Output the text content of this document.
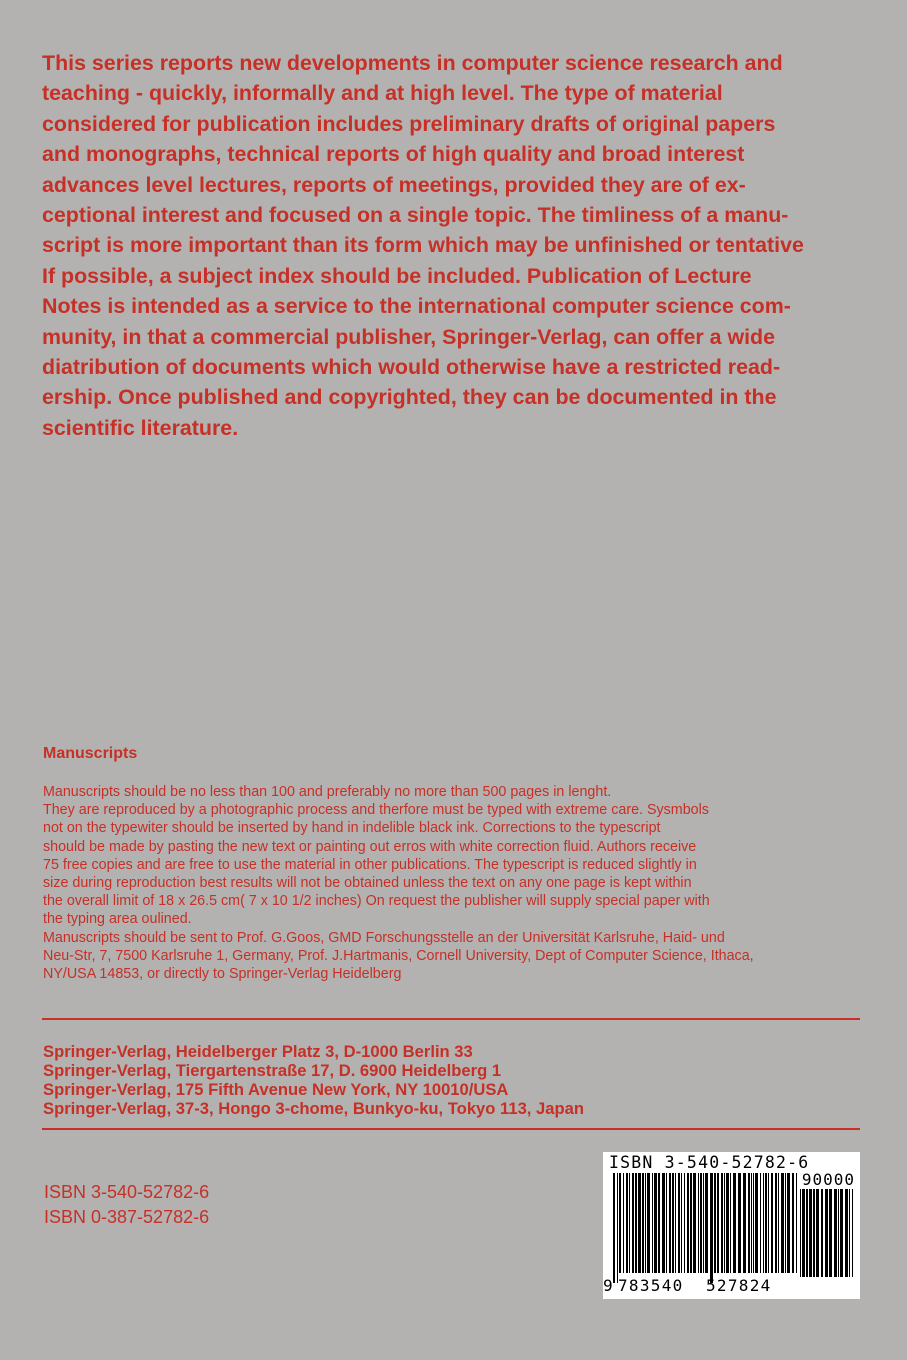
This series reports new developments in computer science research and
teaching - quickly, informally and at high level. The type of material
considered for publication includes preliminary drafts of original papers
and monographs, technical reports of high quality and broad interest
advances level lectures, reports of meetings, provided they are of ex-
ceptional interest and focused on a single topic. The timliness of a manu-
script is more important than its form which may be unfinished or tentative
If possible, a subject index should be included. Publication of Lecture
Notes is intended as a service to the international computer science com-
munity, in that a commercial publisher, Springer-Verlag, can offer a wide
diatribution of documents which would otherwise have a restricted read-
ership. Once published and copyrighted, they can be documented in the
scientific literature.
Manuscripts
Manuscripts should be no less than 100 and preferably no more than 500 pages in lenght.
They are reproduced by a photographic process and therfore must be typed with extreme care. Sysmbols
not on the typewiter should be inserted by hand in indelible black ink. Corrections to the typescript
should be made by pasting the new text or painting out erros with white correction fluid. Authors receive
75 free copies and are free to use the material in other publications. The typescript is reduced slightly in
size during reproduction best results will not be obtained unless the text on any one page is kept within
the overall limit of 18 x 26.5 cm( 7 x 10 1/2 inches) On request the publisher will supply special paper with
the typing area oulined.
Manuscripts should be sent to Prof. G.Goos, GMD Forschungsstelle an der Universität Karlsruhe, Haid- und
Neu-Str, 7, 7500 Karlsruhe 1, Germany, Prof. J.Hartmanis, Cornell University, Dept of Computer Science, Ithaca,
NY/USA 14853, or directly to Springer-Verlag Heidelberg
Springer-Verlag, Heidelberger Platz 3, D-1000 Berlin 33
Springer-Verlag, Tiergartenstraße 17, D. 6900 Heidelberg 1
Springer-Verlag, 175 Fifth Avenue New York, NY 10010/USA
Springer-Verlag, 37-3, Hongo 3-chome, Bunkyo-ku, Tokyo 113, Japan
ISBN 3-540-52782-6
ISBN 0-387-52782-6
ISBN 3-540-52782-6
90000
9 783540 527824
